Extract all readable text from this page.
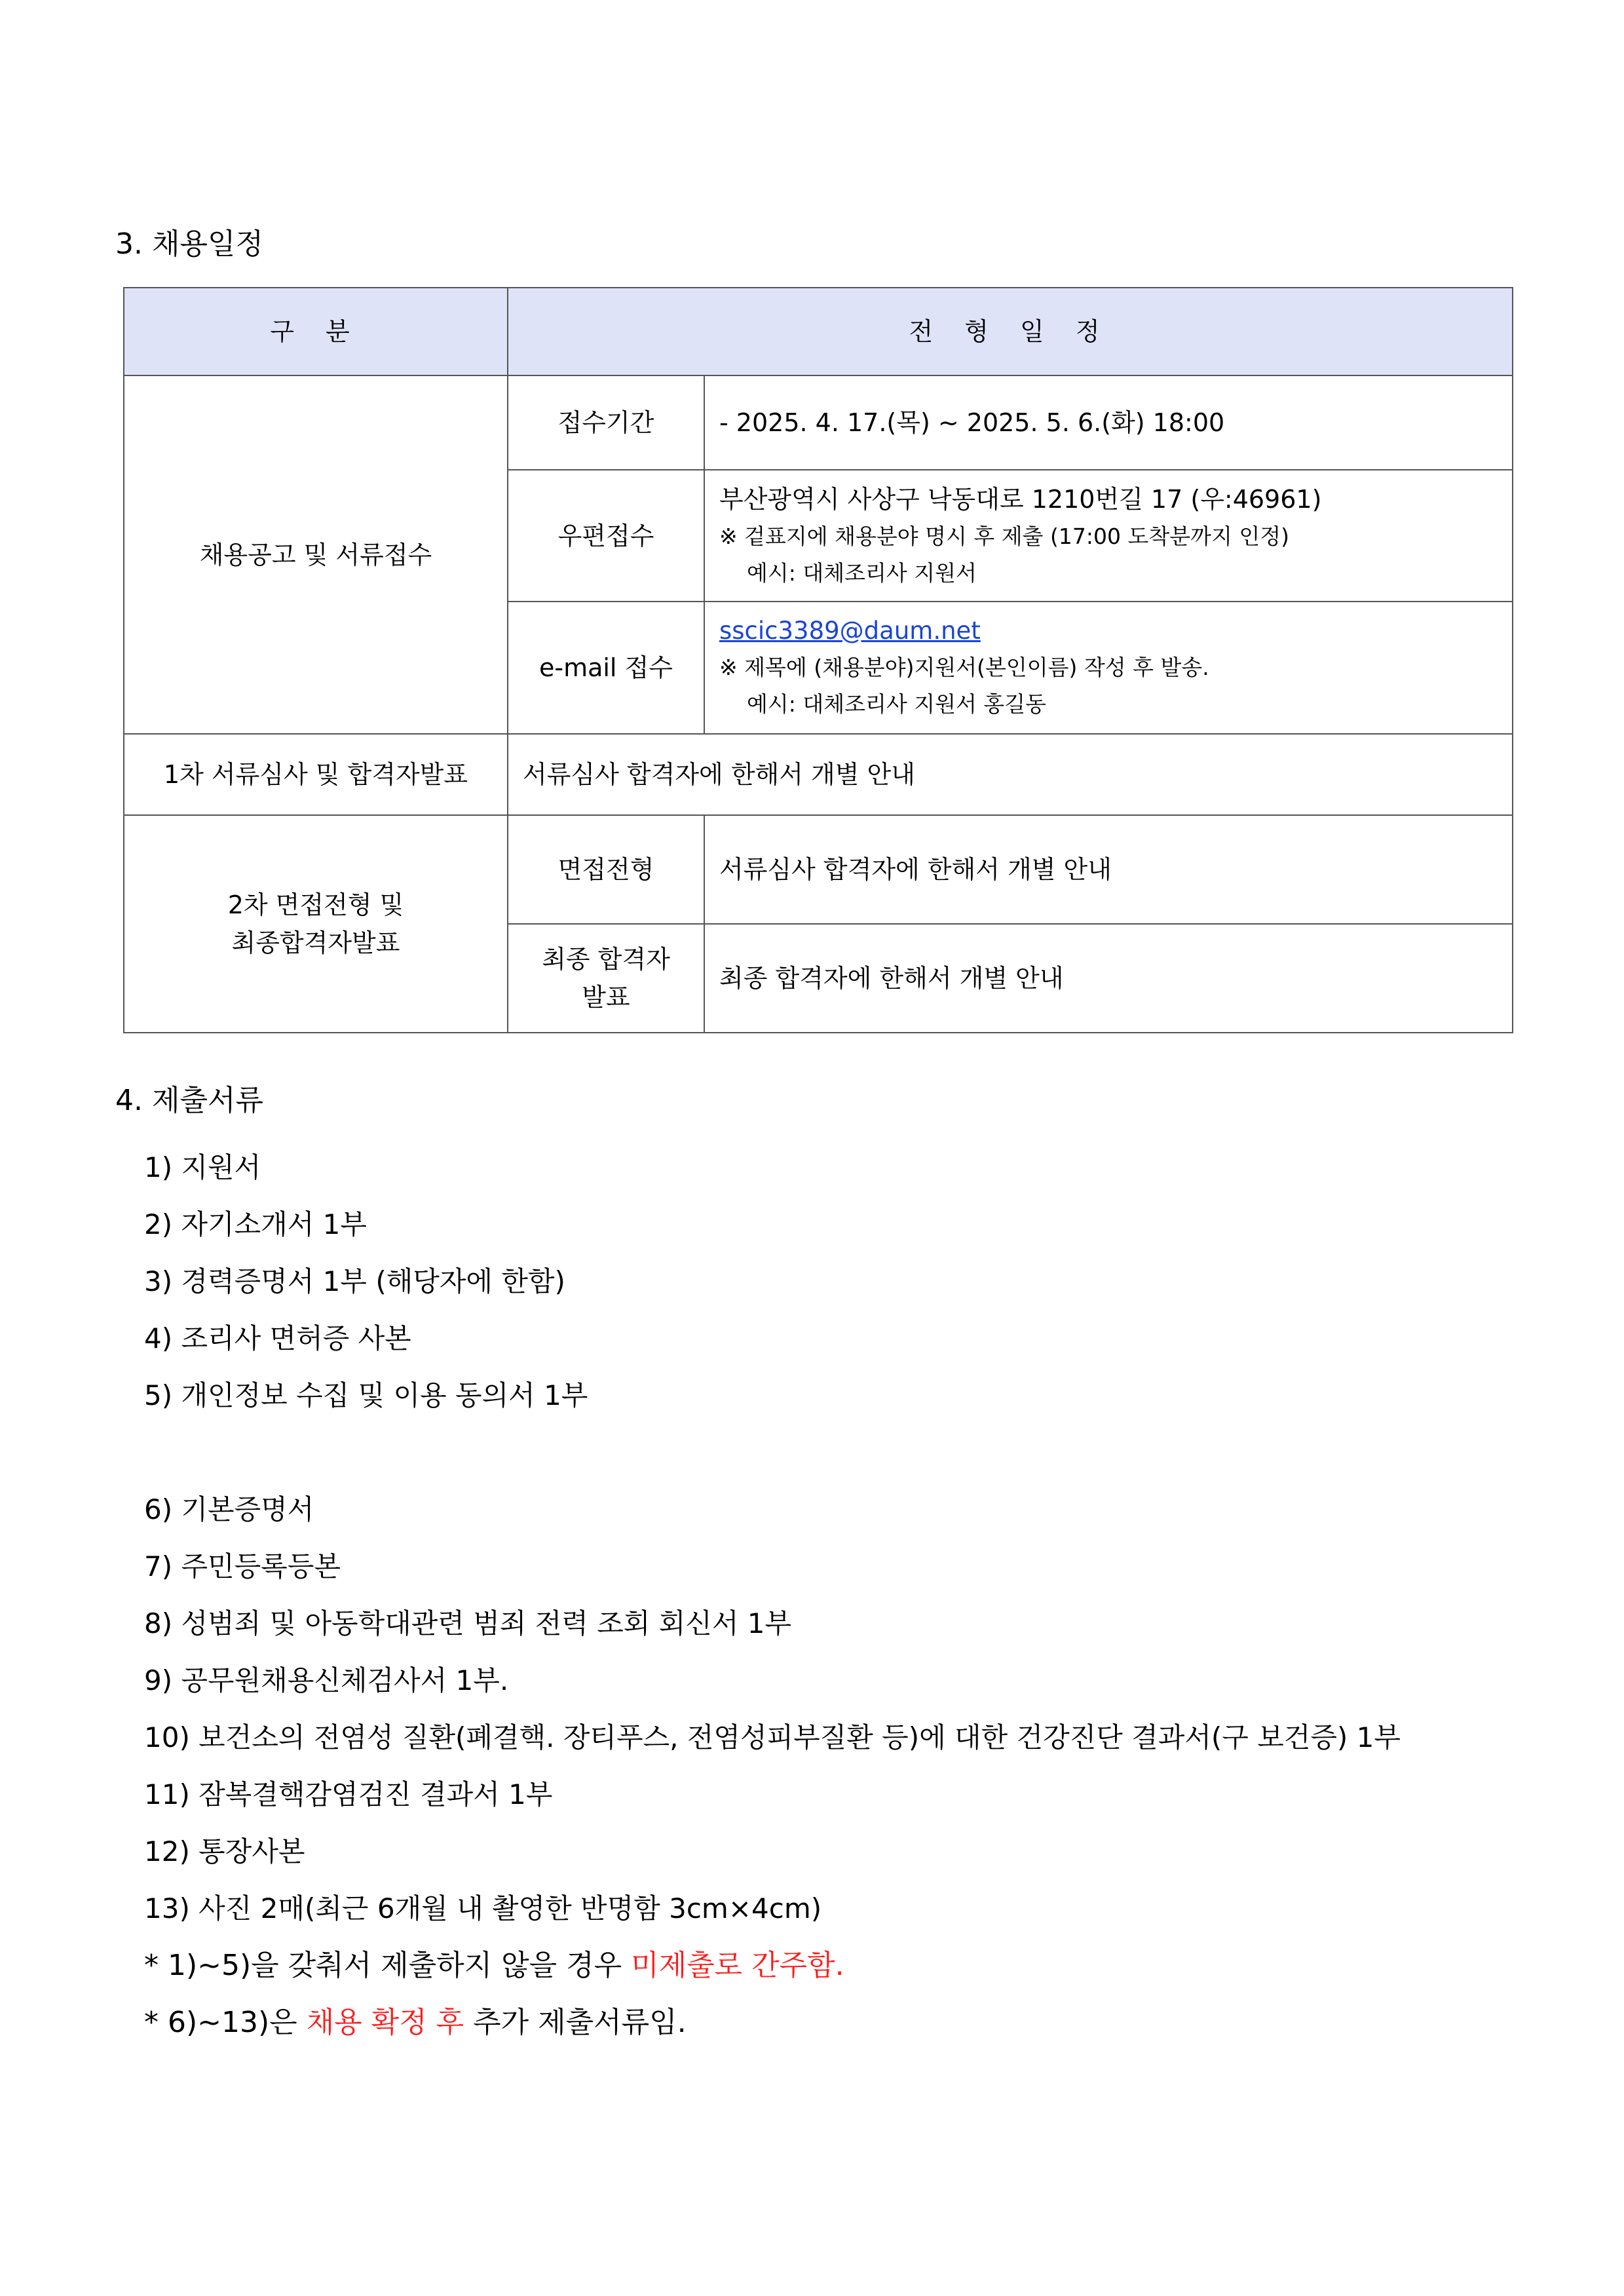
3. 채용일정
구 분	전 형 일 정	
채용공고 및 서류접수	접수기간	- 2025. 4. 17.(목) ~ 2025. 5. 6.(화) 18:00
	우편접수	부산광역시 사상구 낙동대로 1210번길 17 (우:46961)
※ 겉표지에 채용분야 명시 후 제출 (17:00 도착분까지 인정)
예시: 대체조리사 지원서

	e-mail 접수	sscic3389@daum.net
※ 제목에 (채용분야)지원서(본인이름) 작성 후 발송.
예시: 대체조리사 지원서 홍길동

1차 서류심사 및 합격자발표	서류심사 합격자에 한해서 개별 안내	

2차 면접전형 및
최종합격자발표	면접전형	서류심사 합격자에 한해서 개별 안내

	최종 합격자
발표	최종 합격자에 한해서 개별 안내
4. 제출서류
1) 지원서
2) 자기소개서 1부
3) 경력증명서 1부 (해당자에 한함)
4) 조리사 면허증 사본
5) 개인정보 수집 및 이용 동의서 1부
6) 기본증명서
7) 주민등록등본
8) 성범죄 및 아동학대관련 범죄 전력 조회 회신서 1부
9) 공무원채용신체검사서 1부.
10) 보건소의 전염성 질환(폐결핵. 장티푸스, 전염성피부질환 등)에 대한 건강진단 결과서(구 보건증) 1부
11) 잠복결핵감염검진 결과서 1부
12) 통장사본
13) 사진 2매(최근 6개월 내 촬영한 반명함 3cm×4cm)
* 1)~5)을 갖춰서 제출하지 않을 경우 미제출로 간주함.
* 6)~13)은 채용 확정 후 추가 제출서류임.
